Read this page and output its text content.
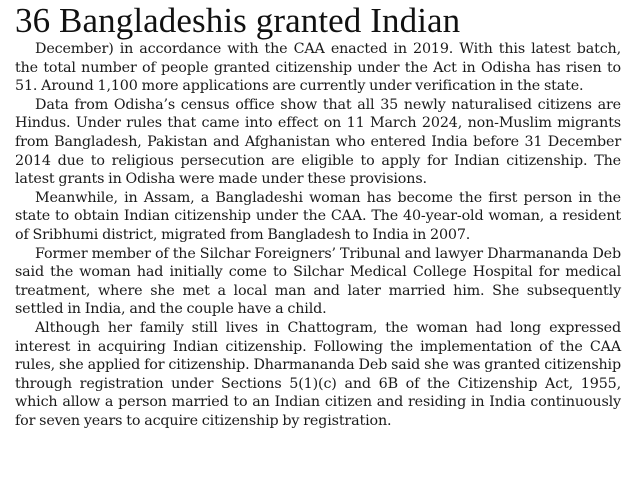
36 Bangladeshis granted Indian

December) in accordance with the CAA enacted in 2019. With this latest batch, the total number of people granted citizenship under the Act in Odisha has risen to 51. Around 1,100 more applications are currently under verification in the state.

Data from Odisha’s census office show that all 35 newly naturalised citizens are Hindus. Under rules that came into effect on 11 March 2024, non-Muslim migrants from Bangladesh, Pakistan and Afghanistan who entered India before 31 December 2014 due to religious persecution are eligible to apply for Indian citizenship. The latest grants in Odisha were made under these provisions.

Meanwhile, in Assam, a Bangladeshi woman has become the first person in the state to obtain Indian citizenship under the CAA. The 40-year-old woman, a resident of Sribhumi district, migrated from Bangladesh to India in 2007.

Former member of the Silchar Foreigners’ Tribunal and lawyer Dharmananda Deb said the woman had initially come to Silchar Medical College Hospital for medical treatment, where she met a local man and later married him. She subsequently settled in India, and the couple have a child.

Although her family still lives in Chattogram, the woman had long expressed interest in acquiring Indian citizenship. Following the implementation of the CAA rules, she applied for citizenship. Dharmananda Deb said she was granted citizenship through registration under Sections 5(1)(c) and 6B of the Citizenship Act, 1955, which allow a person married to an Indian citizen and residing in India continuously for seven years to acquire citizenship by registration.
